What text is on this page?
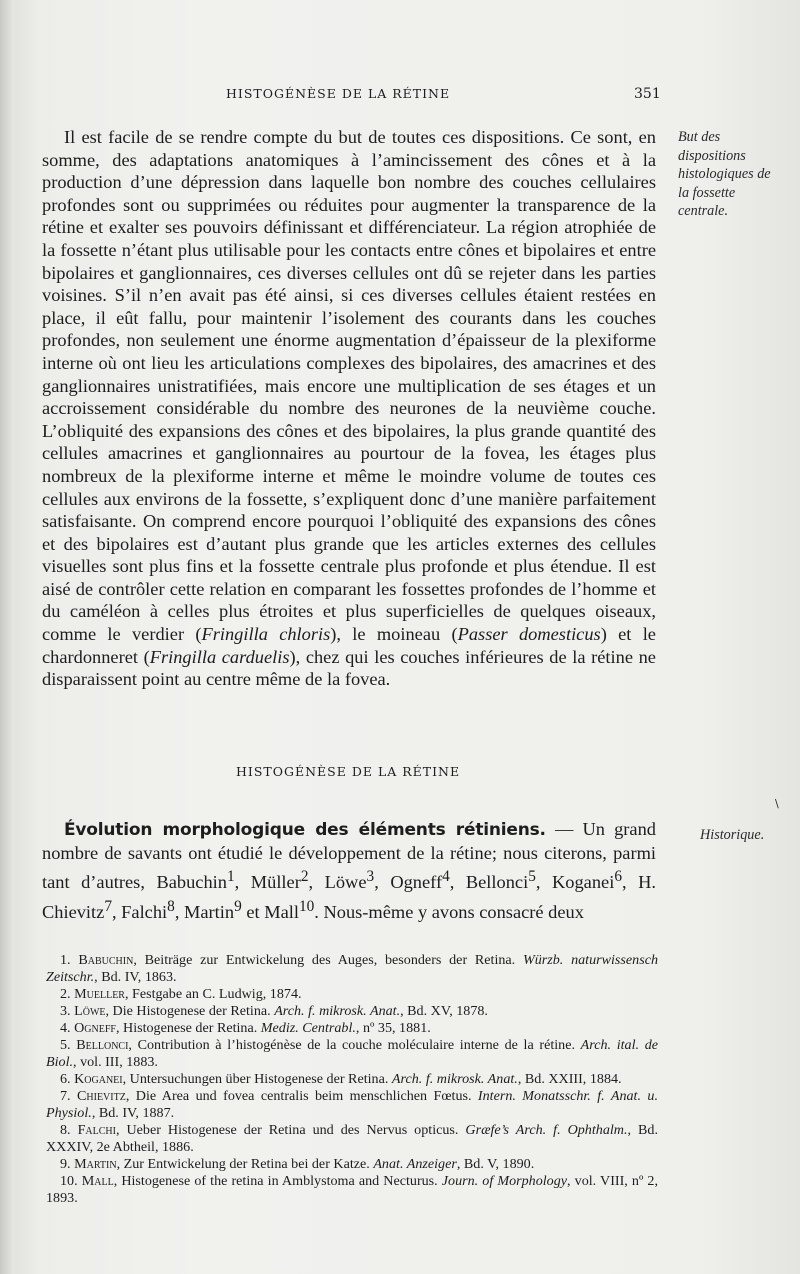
HISTOGÉNÈSE DE LA RÉTINE	351

Il est facile de se rendre compte du but de toutes ces dispositions. Ce sont, en somme, des adaptations anatomiques à l’amincissement des cônes et à la production d’une dépression dans laquelle bon nombre des couches cellulaires profondes sont ou supprimées ou réduites pour augmenter la transparence de la rétine et exalter ses pouvoirs définissant et différenciateur. La région atrophiée de la fossette n’étant plus utilisable pour les contacts entre cônes et bipolaires et entre bipolaires et ganglionnaires, ces diverses cellules ont dû se rejeter dans les parties voisines. S’il n’en avait pas été ainsi, si ces diverses cellules étaient restées en place, il eût fallu, pour maintenir l’isolement des courants dans les couches profondes, non seulement une énorme augmentation d’épaisseur de la plexiforme interne où ont lieu les articulations complexes des bipolaires, des amacrines et des ganglionnaires unistratifiées, mais encore une multiplication de ses étages et un accroissement considérable du nombre des neurones de la neuvième couche. L’obliquité des expansions des cônes et des bipolaires, la plus grande quantité des cellules amacrines et ganglionnaires au pourtour de la fovea, les étages plus nombreux de la plexiforme interne et même le moindre volume de toutes ces cellules aux environs de la fossette, s’expliquent donc d’une manière parfaitement satisfaisante. On comprend encore pourquoi l’obliquité des expansions des cônes et des bipolaires est d’autant plus grande que les articles externes des cellules visuelles sont plus fins et la fossette centrale plus profonde et plus étendue. Il est aisé de contrôler cette relation en comparant les fossettes profondes de l’homme et du caméléon à celles plus étroites et plus superficielles de quelques oiseaux, comme le verdier (Fringilla chloris), le moineau (Passer domesticus) et le chardonneret (Fringilla carduelis), chez qui les couches inférieures de la rétine ne disparaissent point au centre même de la fovea.

But des dispositions histologiques de la fossette centrale.
HISTOGÉNÈSE DE LA RÉTINE
\

Évolution morphologique des éléments rétiniens. — Un grand nombre de savants ont étudié le développement de la rétine; nous citerons, parmi tant d’autres, Babuchin$^1$, Müller$^2$, Löwe$^3$, Ogneff$^4$, Bellonci$^5$, Koganei$^6$, H. Chievitz$^7$, Falchi$^8$, Martin$^9$ et Mall$^{10}$. Nous-même y avons consacré deux

Historique.

1. Babuchin, Beiträge zur Entwickelung des Auges, besonders der Retina. Würzb. naturwissensch Zeitschr., Bd. IV, 1863.

2. Mueller, Festgabe an C. Ludwig, 1874.

3. Löwe, Die Histogenese der Retina. Arch. f. mikrosk. Anat., Bd. XV, 1878.

4. Ogneff, Histogenese der Retina. Mediz. Centrabl., nº 35, 1881.

5. Bellonci, Contribution à l’histogénèse de la couche moléculaire interne de la rétine. Arch. ital. de Biol., vol. III, 1883.

6. Koganei, Untersuchungen über Histogenese der Retina. Arch. f. mikrosk. Anat., Bd. XXIII, 1884.

7. Chievitz, Die Area und fovea centralis beim menschlichen Fœtus. Intern. Monatsschr. f. Anat. u. Physiol., Bd. IV, 1887.

8. Falchi, Ueber Histogenese der Retina und des Nervus opticus. Græfe’s Arch. f. Ophthalm., Bd. XXXIV, 2e Abtheil, 1886.

9. Martin, Zur Entwickelung der Retina bei der Katze. Anat. Anzeiger, Bd. V, 1890.

10. Mall, Histogenese of the retina in Amblystoma and Necturus. Journ. of Morphology, vol. VIII, nº 2, 1893.
